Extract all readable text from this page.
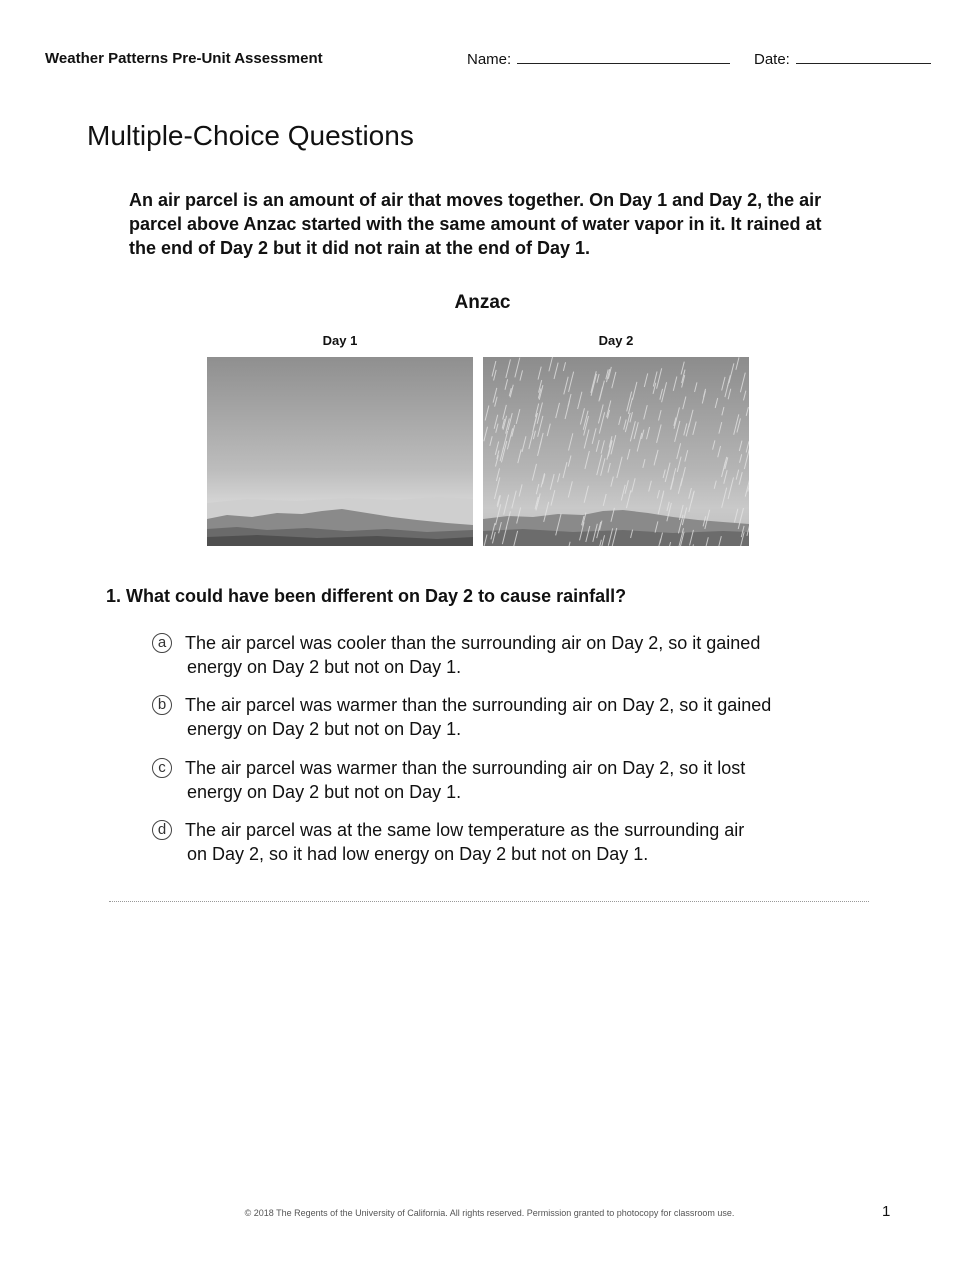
Weather Patterns Pre-Unit Assessment	Name:	Date:
Multiple-Choice Questions
An air parcel is an amount of air that moves together. On Day 1 and Day 2, the air parcel above Anzac started with the same amount of water vapor in it. It rained at the end of Day 2 but it did not rain at the end of Day 1.
Anzac
Day 1	Day 2
1. What could have been different on Day 2 to cause rainfall?
a	The air parcel was cooler than the surrounding air on Day 2, so it gained
energy on Day 2 but not on Day 1.
b	The air parcel was warmer than the surrounding air on Day 2, so it gained
energy on Day 2 but not on Day 1.
c	The air parcel was warmer than the surrounding air on Day 2, so it lost
energy on Day 2 but not on Day 1.
d	The air parcel was at the same low temperature as the surrounding air
on Day 2, so it had low energy on Day 2 but not on Day 1.
© 2018 The Regents of the University of California. All rights reserved. Permission granted to photocopy for classroom use.	1
